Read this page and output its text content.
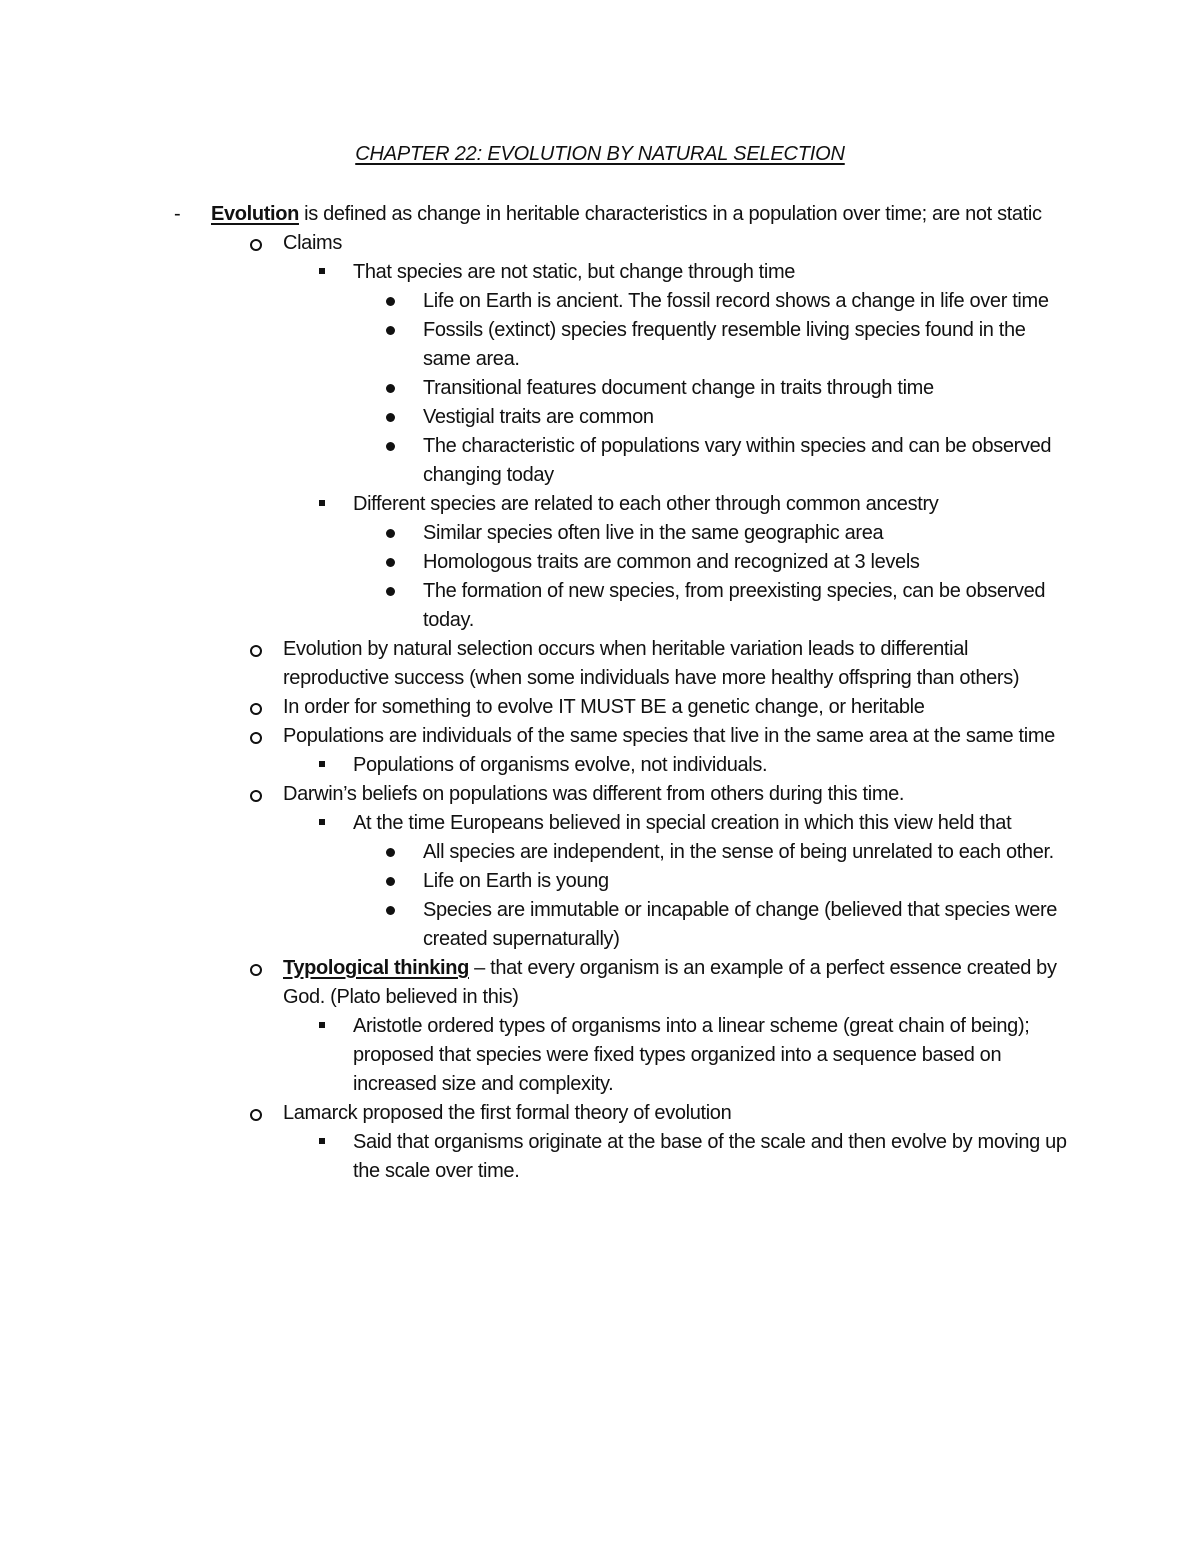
CHAPTER 22: EVOLUTION BY NATURAL SELECTION
- Evolution is defined as change in heritable characteristics in a population over time; are not static
Claims
That species are not static, but change through time
Life on Earth is ancient. The fossil record shows a change in life over time
Fossils (extinct) species frequently resemble living species found in the same area.
Transitional features document change in traits through time
Vestigial traits are common
The characteristic of populations vary within species and can be observed changing today
Different species are related to each other through common ancestry
Similar species often live in the same geographic area
Homologous traits are common and recognized at 3 levels
The formation of new species, from preexisting species, can be observed today.
Evolution by natural selection occurs when heritable variation leads to differential reproductive success (when some individuals have more healthy offspring than others)
In order for something to evolve IT MUST BE a genetic change, or heritable
Populations are individuals of the same species that live in the same area at the same time
Populations of organisms evolve, not individuals.
Darwin’s beliefs on populations was different from others during this time.
At the time Europeans believed in special creation in which this view held that
All species are independent, in the sense of being unrelated to each other.
Life on Earth is young
Species are immutable or incapable of change (believed that species were created supernaturally)
Typological thinking – that every organism is an example of a perfect essence created by God. (Plato believed in this)
Aristotle ordered types of organisms into a linear scheme (great chain of being); proposed that species were fixed types organized into a sequence based on increased size and complexity.
Lamarck proposed the first formal theory of evolution
Said that organisms originate at the base of the scale and then evolve by moving up the scale over time.
